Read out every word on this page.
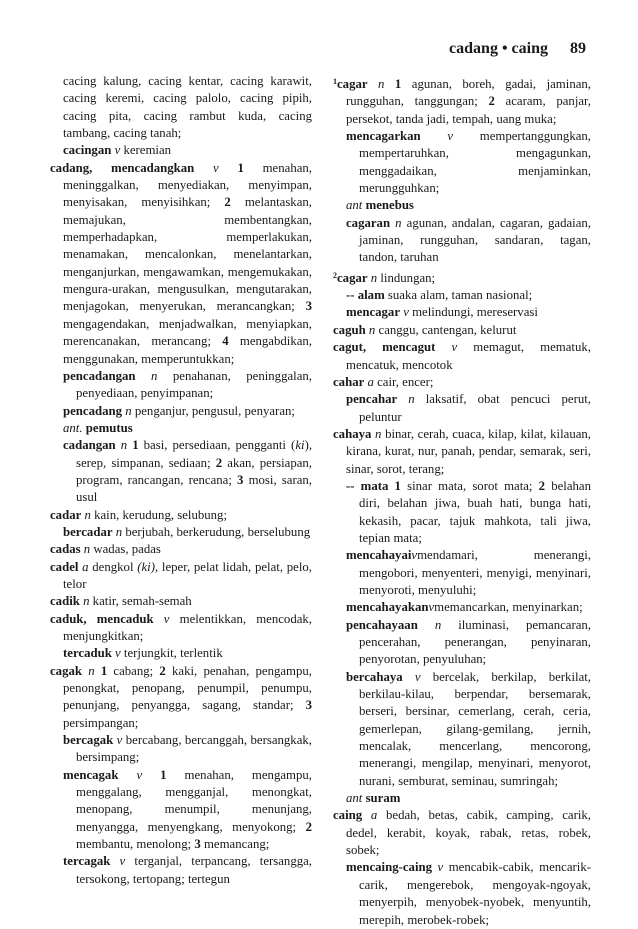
cadang • caing 89

cacing kalung, cacing kentar, cacing karawit, cacing keremi, cacing palolo, cacing pipih, cacing pita, cacing rambut kuda, cacing tambang, cacing tanah;

cacingan v keremian

cadang, mencadangkan v 1 menahan, meninggalkan, menyediakan, menyimpan, menyisakan, menyisihkan; 2 melantaskan, memajukan, membentangkan, memperhadapkan, memperlakukan, menamakan, mencalonkan, menelantarkan, menganjurkan, mengawamkan, mengemukakan, mengura-urakan, mengusulkan, mengutarakan, menjagokan, menyerukan, merancangkan; 3 mengagendakan, menjadwalkan, menyiapkan, merencanakan, merancang; 4 mengabdikan, menggunakan, memperuntukkan;

pencadangan n penahanan, peninggalan, penyediaan, penyimpanan;

pencadang n penganjur, pengusul, penyaran;

ant. pemutus

cadangan n 1 basi, persediaan, pengganti (ki), serep, simpanan, sediaan; 2 akan, persiapan, program, rancangan, rencana; 3 mosi, saran, usul

cadar n kain, kerudung, selubung;

bercadar n berjubah, berkerudung, berselubung

cadas n wadas, padas

cadel a dengkol (ki), leper, pelat lidah, pelat, pelo, telor

cadik n katir, semah-semah

caduk, mencaduk v melentikkan, mencodak, menjungkitkan;

tercaduk v terjungkit, terlentik

cagak n 1 cabang; 2 kaki, penahan, pengampu, penongkat, penopang, penumpil, penumpu, penunjang, penyangga, sagang, standar; 3 persimpangan;

bercagak v bercabang, bercanggah, bersangkak, bersimpang;

mencagak v 1 menahan, mengampu, menggalang, mengganjal, menongkat, menopang, menumpil, menunjang, menyangga, menyengkang, menyokong; 2 membantu, menolong; 3 memancang;

tercagak v terganjal, terpancang, tersangga, tersokong, tertopang; tertegun

$^1$cagar n 1 agunan, boreh, gadai, jaminan, rungguhan, tanggungan; 2 acaram, panjar, persekot, tanda jadi, tempah, uang muka;

mencagarkan v mempertanggungkan, mempertaruhkan, mengagunkan, menggadaikan, menjaminkan, merungguhkan;

ant menebus

cagaran n agunan, andalan, cagaran, gadaian, jaminan, rungguhan, sandaran, tagan, tandon, taruhan

$^2$cagar n lindungan;

-- alam suaka alam, taman nasional;

mencagar v melindungi, mereservasi

caguh n canggu, cantengan, kelurut

cagut, mencagut v memagut, mematuk, mencatuk, mencotok

cahar a cair, encer;

pencahar n laksatif, obat pencuci perut, peluntur

cahaya n binar, cerah, cuaca, kilap, kilat, kilauan, kirana, kurat, nur, panah, pendar, semarak, seri, sinar, sorot, terang;

-- mata 1 sinar mata, sorot mata; 2 belahan diri, belahan jiwa, buah hati, bunga hati, kekasih, pacar, tajuk mahkota, tali jiwa, tepian mata;

mencahayaivmendamari, menerangi, mengobori, menyenteri, menyigi, menyinari, menyoroti, menyuluhi;

mencahayakanvmemancarkan, menyinarkan;

pencahayaan n iluminasi, pemancaran, pencerahan, penerangan, penyinaran, penyorotan, penyuluhan;

bercahaya v bercelak, berkilap, berkilat, berkilau-kilau, berpendar, bersemarak, berseri, bersinar, cemerlang, cerah, ceria, gemerlepan, gilang-gemilang, jernih, mencalak, mencerlang, mencorong, menerangi, mengilap, menyinari, menyorot, nurani, semburat, seminau, sumringah;

ant suram

caing a bedah, betas, cabik, camping, carik, dedel, kerabit, koyak, rabak, retas, robek, sobek;

mencaing-caing v mencabik-cabik, mencarik-carik, mengerebok, mengoyak-ngoyak, menyerpih, menyobek-nyobek, menyuntih, merepih, merobek-robek;
